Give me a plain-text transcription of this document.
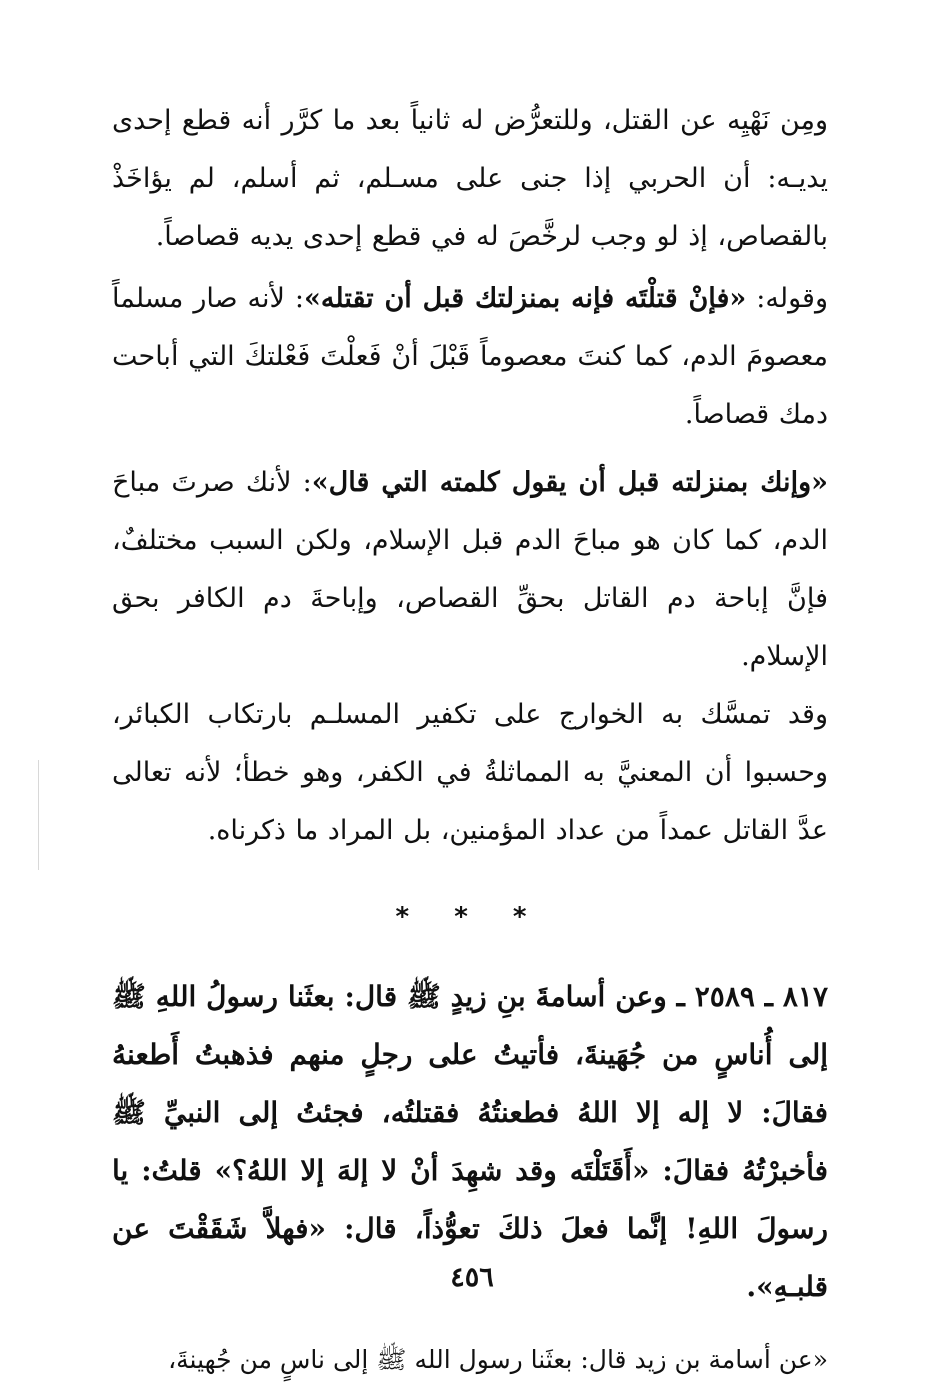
ومِن نَهْيِه عن القتل، وللتعرُّض له ثانياً بعد ما كرَّر أنه قطع إحدى يديـه: أن الحربي إذا جنى على مسـلم، ثم أسلم، لم يؤاخَذْ بالقصاص، إذ لو وجب لرخَّصَ له في قطع إحدى يديه قصاصاً.

وقوله: «فإنْ قتلْتَه فإنه بمنزلتك قبل أن تقتله»: لأنه صار مسلماً معصومَ الدم، كما كنتَ معصوماً قَبْلَ أنْ فَعلْتَ فَعْلتكَ التي أباحت دمك قصاصاً.

«وإنك بمنزلته قبل أن يقول كلمته التي قال»: لأنك صرتَ مباحَ الدم، كما كان هو مباحَ الدم قبل الإسلام، ولكن السبب مختلفٌ، فإنَّ إباحة دم القاتل بحقِّ القصاص، وإباحةَ دم الكافر بحق الإسلام.

وقد تمسَّك به الخوارج على تكفير المسلـم بارتكاب الكبائر، وحسبوا أن المعنيَّ به المماثلةُ في الكفر، وهو خطأ؛ لأنه تعالى عدَّ القاتل عمداً من عداد المؤمنين، بل المراد ما ذكرناه.

* * *

٨١٧ ـ ٢٥٨٩ ـ وعن أسامةَ بنِ زيدٍ ﷺ قال: بعثَنا رسولُ اللهِ ﷺ إلى أُناسٍ من جُهَينةَ، فأتيتُ على رجلٍ منهم فذهبتُ أَطعنهُ فقالَ: لا إله إلا اللهُ فطعنتُهُ فقتلتُه، فجئتُ إلى النبيِّ ﷺ فأخبرْتُهُ فقالَ: «أَقَتَلْتَه وقد شهِدَ أنْ لا إلهَ إلا اللهُ؟» قلتُ: يا رسولَ اللهِ! إنَّما فعلَ ذلكَ تعوُّذاً، قال: «فهلاَّ شَقَقْتَ عن قلبـهِ».

«عن أسامة بن زيد قال: بعثَنا رسول الله ﷺ إلى ناسٍ من جُهينةَ،

٤٥٦
